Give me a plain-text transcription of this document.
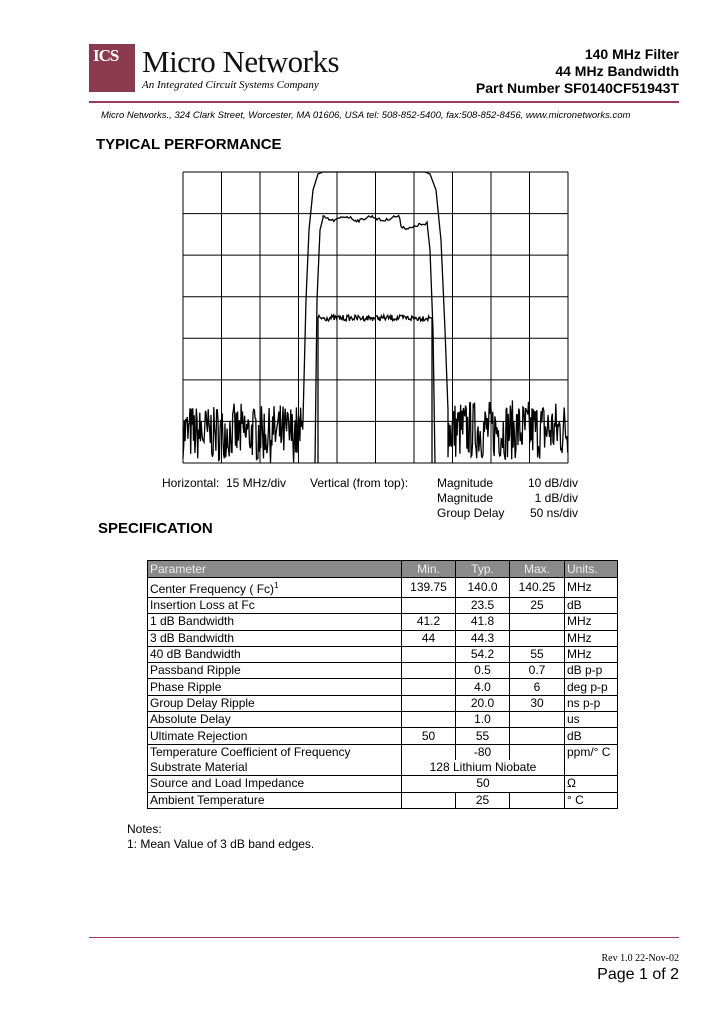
ICS Micro Networks
An Integrated Circuit Systems Company
140 MHz Filter
44 MHz Bandwidth
Part Number SF0140CF51943T
Micro Networks., 324 Clark Street, Worcester, MA 01606, USA tel: 508-852-5400, fax:508-852-8456, www.micronetworks.com
TYPICAL PERFORMANCE
Horizontal: 15 MHz/div Vertical (from top): Magnitude	10 dB/div
Magnitude	1 dB/div
Group Delay 50 ns/div
SPECIFICATION
Parameter	Min.	Typ.	Max.	Units.
Center Frequency ( Fc)$^1$	139.75	140.0	140.25	MHz
Insertion Loss at Fc		23.5	25	dB
1 dB Bandwidth	41.2	41.8		MHz
3 dB Bandwidth	44	44.3		MHz
40 dB Bandwidth		54.2	55	MHz
Passband Ripple		0.5	0.7	dB p-p
Phase Ripple		4.0	6	deg p-p
Group Delay Ripple		20.0	30	ns p-p
Absolute Delay		1.0		us
Ultimate Rejection	50	55		dB
Temperature Coefficient of Frequency		-80		ppm/° C
Substrate Material	128 Lithium Niobate			
Source and Load Impedance	50			Ω
Ambient Temperature		25		° C
Notes:
1: Mean Value of 3 dB band edges.
Rev 1.0 22-Nov-02
Page 1 of 2
